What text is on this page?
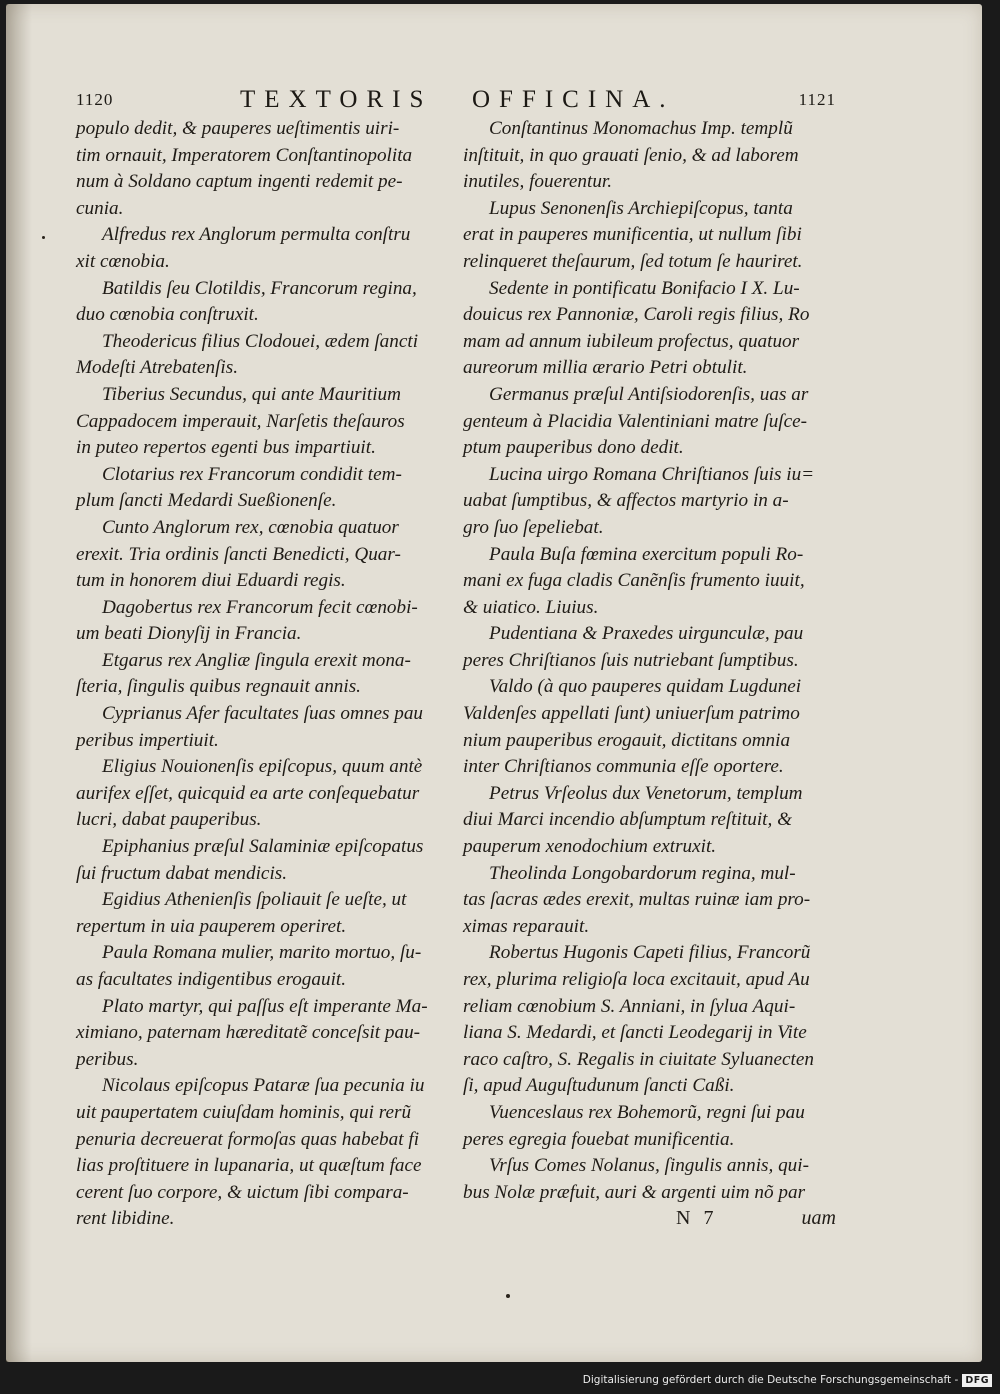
1120	TEXTORIS OFFICINA.	1121

populo dedit, & pauperes ueſtimentis uiri-
tim ornauit, Imperatorem Conſtantinopolita
num à Soldano captum ingenti redemit pe-
cunia.

Alfredus rex Anglorum permulta conſtru
xit cœnobia.

Batildis ſeu Clotildis, Francorum regina,
duo cœnobia conſtruxit.

Theodericus filius Clodouei, ædem ſancti
Modeſti Atrebatenſis.

Tiberius Secundus, qui ante Mauritium
Cappadocem imperauit, Narſetis theſauros
in puteo repertos egenti bus impartiuit.

Clotarius rex Francorum condidit tem-
plum ſancti Medardi Sueßionenſe.

Cunto Anglorum rex, cœnobia quatuor
erexit. Tria ordinis ſancti Benedicti, Quar-
tum in honorem diui Eduardi regis.

Dagobertus rex Francorum fecit cœnobi-
um beati Dionyſij in Francia.

Etgarus rex Angliæ ſingula erexit mona-
ſteria, ſingulis quibus regnauit annis.

Cyprianus Afer facultates ſuas omnes pau
peribus impertiuit.

Eligius Nouionenſis epiſcopus, quum antè
aurifex eſſet, quicquid ea arte conſequebatur
lucri, dabat pauperibus.

Epiphanius præſul Salaminiæ epiſcopatus
ſui fructum dabat mendicis.

Egidius Athenienſis ſpoliauit ſe ueſte, ut
repertum in uia pauperem operiret.

Paula Romana mulier, marito mortuo, ſu-
as facultates indigentibus erogauit.

Plato martyr, qui paſſus eſt imperante Ma-
ximiano, paternam hæreditatẽ conceſsit pau-
peribus.

Nicolaus epiſcopus Pataræ ſua pecunia iu
uit paupertatem cuiuſdam hominis, qui rerũ
penuria decreuerat formoſas quas habebat fi
lias proſtituere in lupanaria, ut quæſtum face
cerent ſuo corpore, & uictum ſibi compara-
rent libidine.

Conſtantinus Monomachus Imp. templũ
inſtituit, in quo grauati ſenio, & ad laborem
inutiles, fouerentur.

Lupus Senonenſis Archiepiſcopus, tanta
erat in pauperes munificentia, ut nullum ſibi
relinqueret theſaurum, ſed totum ſe hauriret.

Sedente in pontificatu Bonifacio I X. Lu-
douicus rex Pannoniæ, Caroli regis filius, Ro
mam ad annum iubileum profectus, quatuor
aureorum millia ærario Petri obtulit.

Germanus præſul Antiſsiodorenſis, uas ar
genteum à Placidia Valentiniani matre ſuſce-
ptum pauperibus dono dedit.

Lucina uirgo Romana Chriſtianos ſuis iu=
uabat ſumptibus, & affectos martyrio in a-
gro ſuo ſepeliebat.

Paula Buſa fœmina exercitum populi Ro-
mani ex fuga cladis Canẽnſis frumento iuuit,
& uiatico. Liuius.

Pudentiana & Praxedes uirgunculæ, pau
peres Chriſtianos ſuis nutriebant ſumptibus.

Valdo (à quo pauperes quidam Lugdunei
Valdenſes appellati ſunt) uniuerſum patrimo
nium pauperibus erogauit, dictitans omnia
inter Chriſtianos communia eſſe oportere.

Petrus Vrſeolus dux Venetorum, templum
diui Marci incendio abſumptum reſtituit, &
pauperum xenodochium extruxit.

Theolinda Longobardorum regina, mul-
tas ſacras ædes erexit, multas ruinæ iam pro-
ximas reparauit.

Robertus Hugonis Capeti filius, Francorũ
rex, plurima religioſa loca excitauit, apud Au
reliam cœnobium S. Anniani, in ſylua Aqui-
liana S. Medardi, et ſancti Leodegarij in Vite
raco caſtro, S. Regalis in ciuitate Syluanecten
ſi, apud Auguſtudunum ſancti Caßi.

Vuenceslaus rex Bohemorũ, regni ſui pau
peres egregia fouebat munificentia.

Vrſus Comes Nolanus, ſingulis annis, qui-
bus Nolæ præfuit, auri & argenti uim nõ par

N 7	uam
Digitalisierung gefördert durch die Deutsche Forschungsgemeinschaft - DFG
